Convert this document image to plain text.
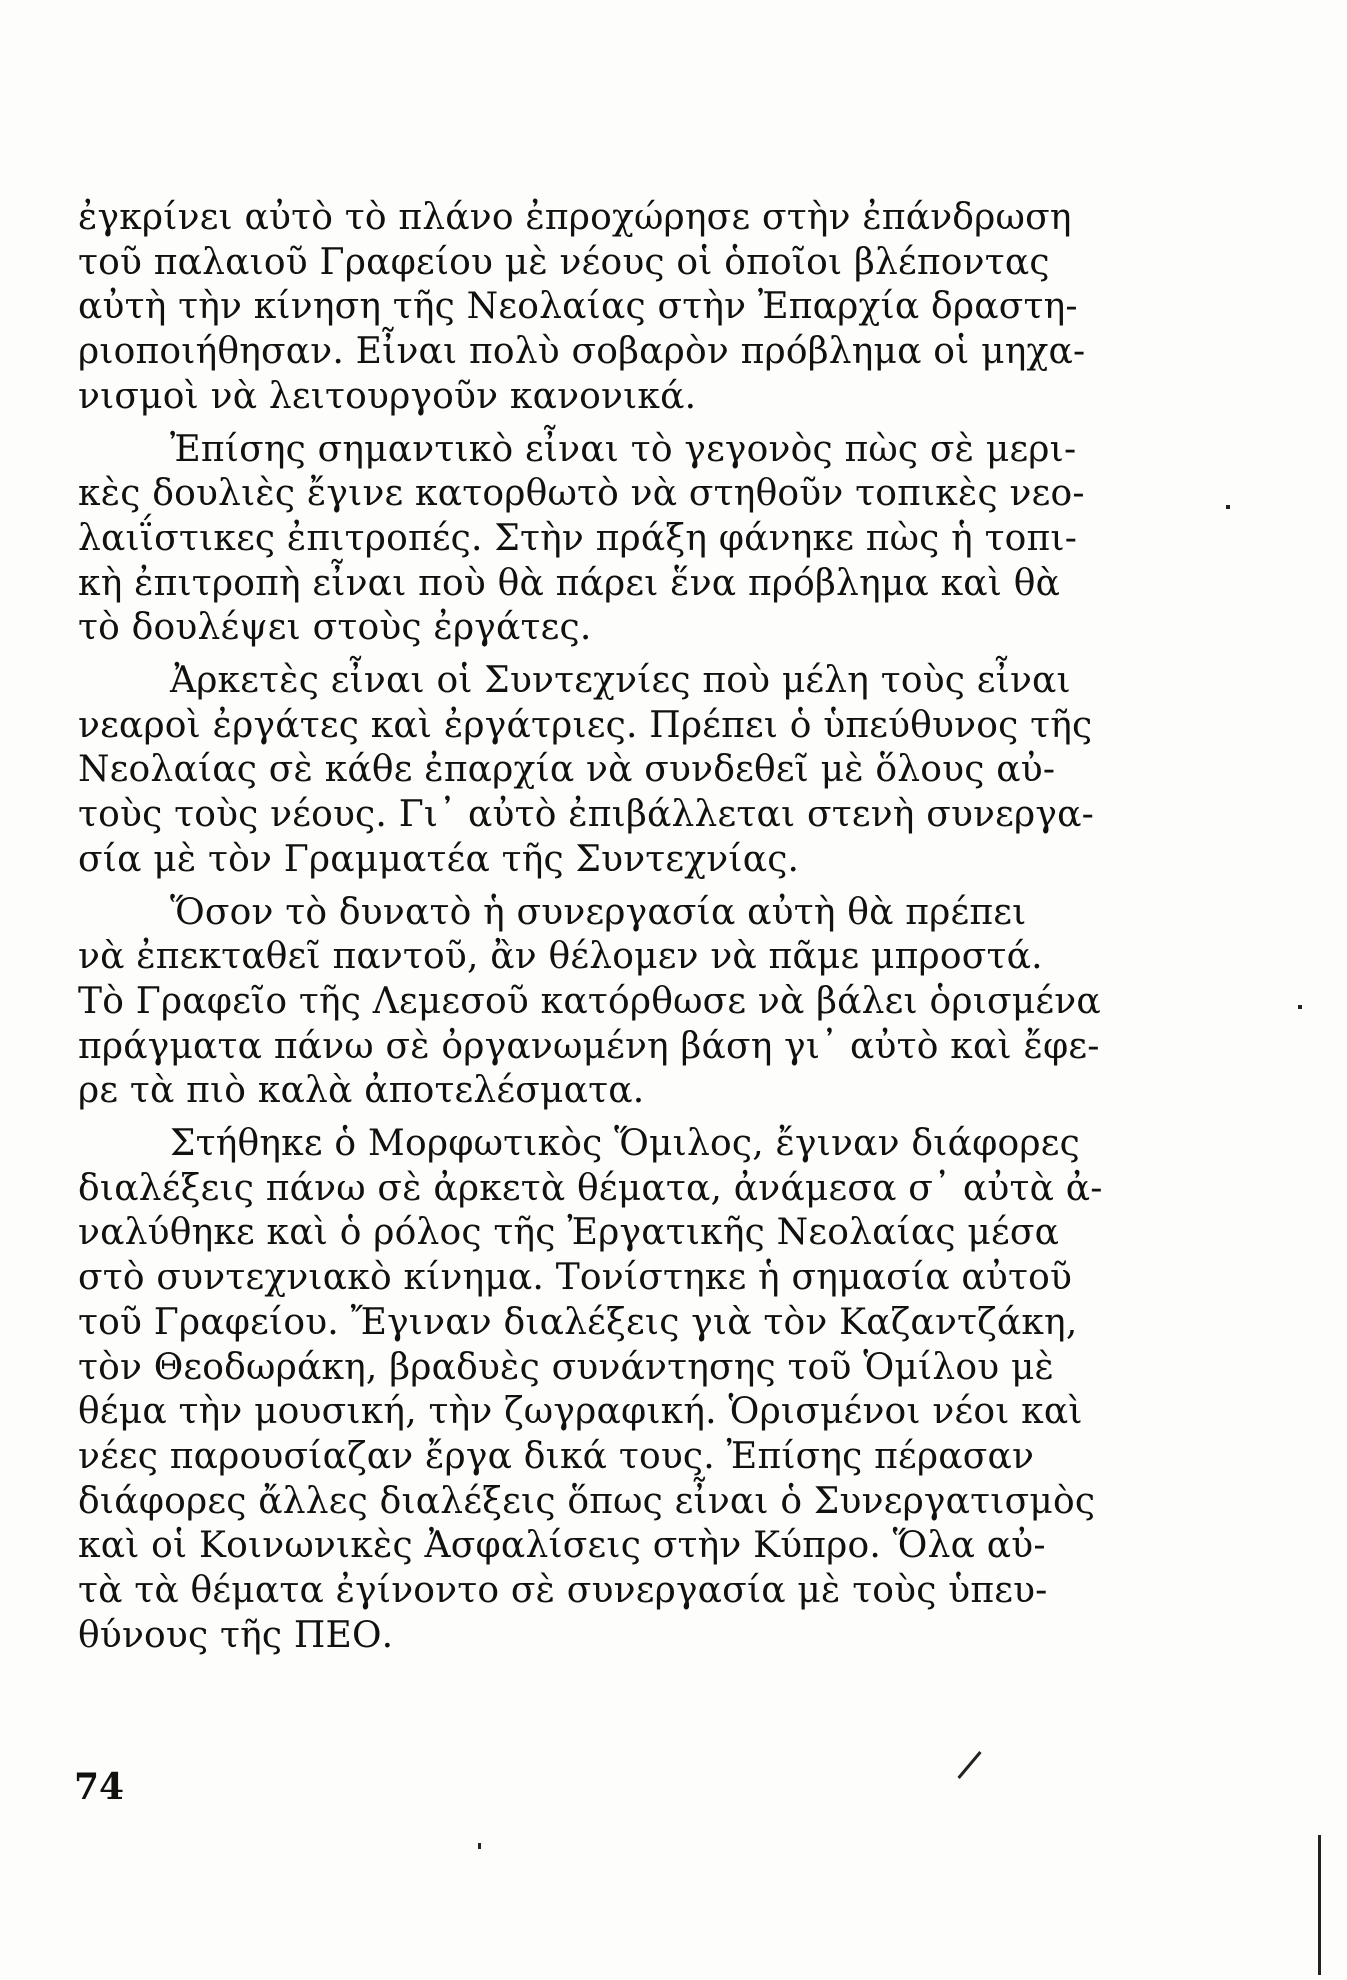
ἐγκρίνει αὐτὸ τὸ πλάνο ἐπροχώρησε στὴν ἐπάνδρωση
τοῦ παλαιοῦ Γραφείου μὲ νέους οἱ ὁποῖοι βλέποντας
αὐτὴ τὴν κίνηση τῆς Νεολαίας στὴν Ἐπαρχία δραστη-
ριοποιήθησαν. Εἶναι πολὺ σοβαρὸν πρόβλημα οἱ μηχα-
νισμοὶ νὰ λειτουργοῦν κανονικά.
Ἐπίσης σημαντικὸ εἶναι τὸ γεγονὸς πὼς σὲ μερι-
κὲς δουλιὲς ἔγινε κατορθωτὸ νὰ στηθοῦν τοπικὲς νεο-
λαιΐστικες ἐπιτροπές. Στὴν πράξη φάνηκε πὼς ἡ τοπι-
κὴ ἐπιτροπὴ εἶναι ποὺ θὰ πάρει ἕνα πρόβλημα καὶ θὰ
τὸ δουλέψει στοὺς ἐργάτες.
Ἀρκετὲς εἶναι οἱ Συντεχνίες ποὺ μέλη τοὺς εἶναι
νεαροὶ ἐργάτες καὶ ἐργάτριες. Πρέπει ὁ ὑπεύθυνος τῆς
Νεολαίας σὲ κάθε ἐπαρχία νὰ συνδεθεῖ μὲ ὅλους αὐ-
τοὺς τοὺς νέους. Γι᾿ αὐτὸ ἐπιβάλλεται στενὴ συνεργα-
σία μὲ τὸν Γραμματέα τῆς Συντεχνίας.
Ὅσον τὸ δυνατὸ ἡ συνεργασία αὐτὴ θὰ πρέπει
νὰ ἐπεκταθεῖ παντοῦ, ἂν θέλομεν νὰ πᾶμε μπροστά.
Τὸ Γραφεῖο τῆς Λεμεσοῦ κατόρθωσε νὰ βάλει ὁρισμένα
πράγματα πάνω σὲ ὀργανωμένη βάση γι᾿ αὐτὸ καὶ ἔφε-
ρε τὰ πιὸ καλὰ ἀποτελέσματα.
Στήθηκε ὁ Μορφωτικὸς Ὅμιλος, ἔγιναν διάφορες
διαλέξεις πάνω σὲ ἀρκετὰ θέματα, ἀνάμεσα σ᾿ αὐτὰ ἀ-
ναλύθηκε καὶ ὁ ρόλος τῆς Ἐργατικῆς Νεολαίας μέσα
στὸ συντεχνιακὸ κίνημα. Τονίστηκε ἡ σημασία αὐτοῦ
τοῦ Γραφείου. Ἔγιναν διαλέξεις γιὰ τὸν Καζαντζάκη,
τὸν Θεοδωράκη, βραδυὲς συνάντησης τοῦ Ὁμίλου μὲ
θέμα τὴν μουσική, τὴν ζωγραφική. Ὁρισμένοι νέοι καὶ
νέες παρουσίαζαν ἔργα δικά τους. Ἐπίσης πέρασαν
διάφορες ἄλλες διαλέξεις ὅπως εἶναι ὁ Συνεργατισμὸς
καὶ οἱ Κοινωνικὲς Ἀσφαλίσεις στὴν Κύπρο. Ὅλα αὐ-
τὰ τὰ θέματα ἐγίνοντο σὲ συνεργασία μὲ τοὺς ὑπευ-
θύνους τῆς ΠΕΟ.
74
